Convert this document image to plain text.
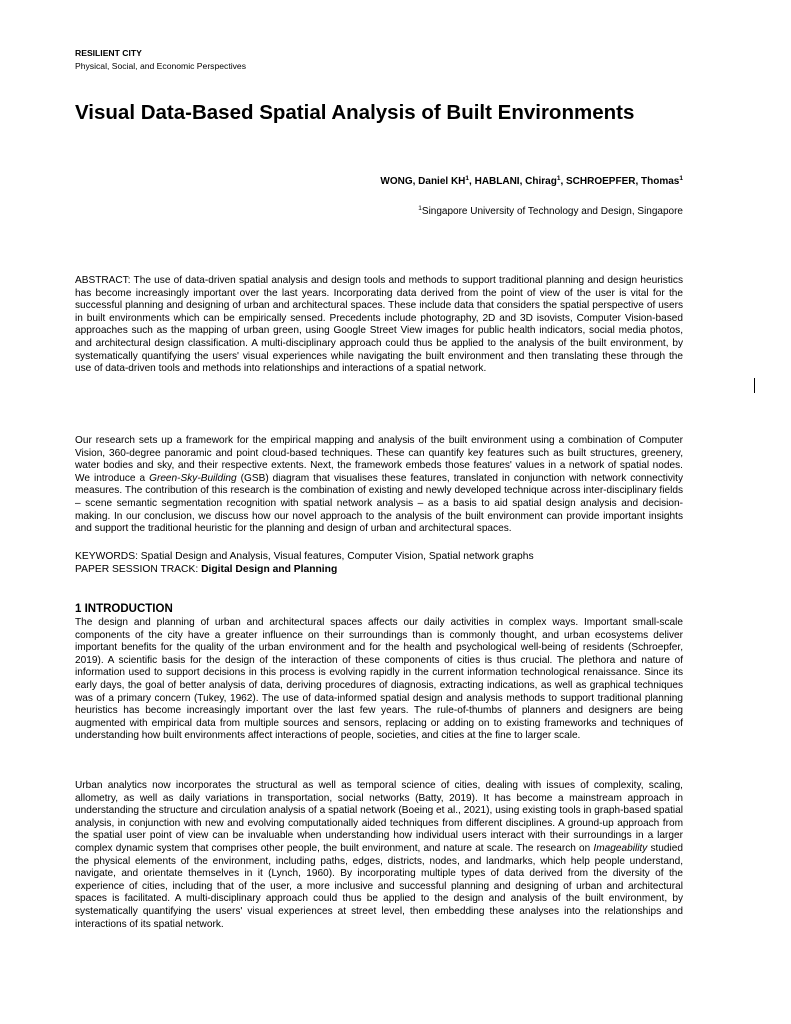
RESILIENT CITY
Physical, Social, and Economic Perspectives
Visual Data-Based Spatial Analysis of Built Environments
WONG, Daniel $KH^1$, HABLANI, Chirag$^1$, SCHROEPFER, Thomas$^1$
$^1$Singapore University of Technology and Design, Singapore
ABSTRACT: The use of data-driven spatial analysis and design tools and methods to support traditional planning and design heuristics has become increasingly important over the last years. Incorporating data derived from the point of view of the user is vital for the successful planning and designing of urban and architectural spaces. These include data that considers the spatial perspective of users in built environments which can be empirically sensed. Precedents include photography, 2D and 3D isovists, Computer Vision-based approaches such as the mapping of urban green, using Google Street View images for public health indicators, social media photos, and architectural design classification. A multi-disciplinary approach could thus be applied to the analysis of the built environment, by systematically quantifying the users' visual experiences while navigating the built environment and then translating these through the use of data-driven tools and methods into relationships and interactions of a spatial network.
Our research sets up a framework for the empirical mapping and analysis of the built environment using a combination of Computer Vision, 360-degree panoramic and point cloud-based techniques. These can quantify key features such as built structures, greenery, water bodies and sky, and their respective extents. Next, the framework embeds those features' values in a network of spatial nodes. We introduce a Green-Sky-Building (GSB) diagram that visualises these features, translated in conjunction with network connectivity measures. The contribution of this research is the combination of existing and newly developed technique across inter-disciplinary fields – scene semantic segmentation recognition with spatial network analysis – as a basis to aid spatial design analysis and decision-making. In our conclusion, we discuss how our novel approach to the analysis of the built environment can provide important insights and support the traditional heuristic for the planning and design of urban and architectural spaces.
KEYWORDS: Spatial Design and Analysis, Visual features, Computer Vision, Spatial network graphs
PAPER SESSION TRACK: Digital Design and Planning
1 INTRODUCTION
The design and planning of urban and architectural spaces affects our daily activities in complex ways. Important small-scale components of the city have a greater influence on their surroundings than is commonly thought, and urban ecosystems deliver important benefits for the quality of the urban environment and for the health and psychological well-being of residents (Schroepfer, 2019). A scientific basis for the design of the interaction of these components of cities is thus crucial. The plethora and nature of information used to support decisions in this process is evolving rapidly in the current information technological renaissance. Since its early days, the goal of better analysis of data, deriving procedures of diagnosis, extracting indications, as well as graphical techniques was of a primary concern (Tukey, 1962). The use of data-informed spatial design and analysis methods to support traditional planning heuristics has become increasingly important over the last few years. The rule-of-thumbs of planners and designers are being augmented with empirical data from multiple sources and sensors, replacing or adding on to existing frameworks and techniques of understanding how built environments affect interactions of people, societies, and cities at the fine to larger scale.
Urban analytics now incorporates the structural as well as temporal science of cities, dealing with issues of complexity, scaling, allometry, as well as daily variations in transportation, social networks (Batty, 2019). It has become a mainstream approach in understanding the structure and circulation analysis of a spatial network (Boeing et al., 2021), using existing tools in graph-based spatial analysis, in conjunction with new and evolving computationally aided techniques from different disciplines. A ground-up approach from the spatial user point of view can be invaluable when understanding how individual users interact with their surroundings in a larger complex dynamic system that comprises other people, the built environment, and nature at scale. The research on Imageability studied the physical elements of the environment, including paths, edges, districts, nodes, and landmarks, which help people understand, navigate, and orientate themselves in it (Lynch, 1960). By incorporating multiple types of data derived from the diversity of the experience of cities, including that of the user, a more inclusive and successful planning and designing of urban and architectural spaces is facilitated. A multi-disciplinary approach could thus be applied to the design and analysis of the built environment, by systematically quantifying the users' visual experiences at street level, then embedding these analyses into the relationships and interactions of its spatial network.
